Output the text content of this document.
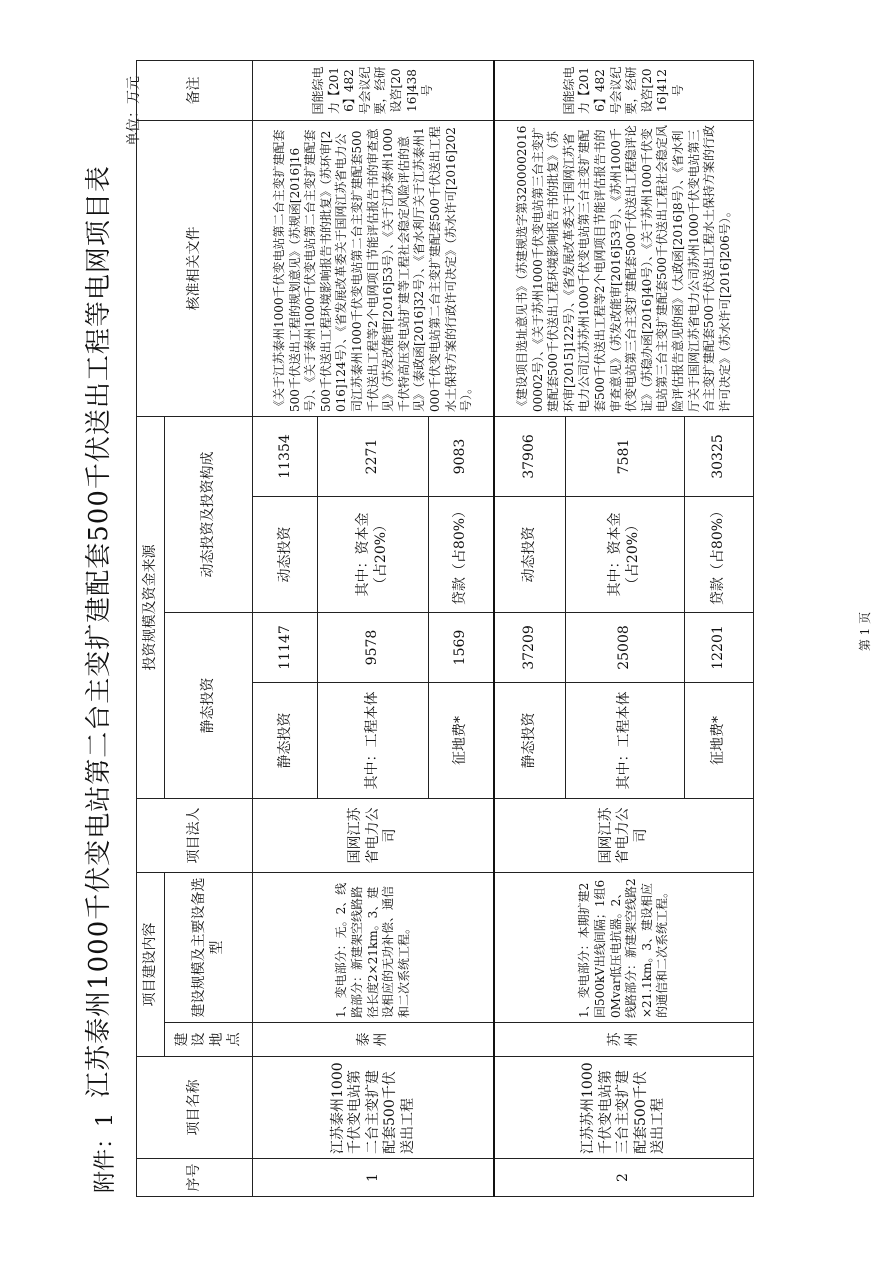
附件：1
江苏泰州1000千伏变电站第二台主变扩建配套500千伏送出工程等电网项目表
单位：万元
序号	项目名称	项目建设内容		项目法人	投资规模及资金来源				核准相关文件	备注
		建设地点	建设规模及主要设备选型		静态投资		动态投资及投资构成			
1	江苏泰州1000千伏变电站第二台主变扩建配套500千伏送出工程	泰州	1、变电部分：无。2、线路部分：新建架空线路路径长度2×21km。3、建设相应的无功补偿、通信和二次系统工程。	国网江苏省电力公司	静态投资	11147	动态投资	11354	《关于江苏泰州1000千伏变电站第二台主变扩建配套500千伏送出工程的规划意见》（苏规函[2016]16号）、《关于泰州1000千伏变电站第二台主变扩建配套500千伏送出工程环境影响报告书的批复》（苏环审[2016]124号）、《省发展改革委关于国网江苏省电力公司江苏泰州1000千伏变电站第二台主变扩建配套500千伏送出工程等2个电网项目节能评估报告书的审查意见》（苏发改能审[2016]53号）、《关于江苏泰州1000千伏特高压变电站扩建等工程社会稳定风险评估的意见》（泰政函[2016]32号）、《省水利厅关于江苏泰州1000千伏变电站第二台主变扩建配套500千伏送出工程水土保持方案的行政许可决定》（苏水许可[2016]202号）。	国能综电力【2016】482号会议纪要，经研设咨[2016]438号
					其中：工程本体	9578	其中：资本金（占20%）	2271		
					征地费*	1569	贷款（占80%）	9083		
2	江苏苏州1000千伏变电站第三台主变扩建配套500千伏送出工程	苏州	1、变电部分：本期扩建2回500kV出线间隔；1组60Mvar低压电抗器。2、线路部分：新建架空线路2×21.1km。3、建设相应的通信和二次系统工程。	国网江苏省电力公司	静态投资	37209	动态投资	37906	《建设项目选址意见书》（苏建规选字第320000201600002号）、《关于苏州1000千伏变电站第三台主变扩建配套500千伏送出工程环境影响报告书的批复》（苏环审[2015]122号）、《省发展改革委关于国网江苏省电力公司江苏苏州1000千伏变电站第三台主变扩建配套500千伏送出工程等2个电网项目节能评估报告书的审查意见》（苏发改能审[2016]53号）、《苏州1000千伏变电站第三台主变扩建配套500千伏送出工程稳评论证》（苏稳办函[2016]40号）、《关于苏州1000千伏变电站第三台主变扩建配套500千伏送出工程社会稳定风险评估报告意见的函》（太政函[2016]8号）、《省水利厅关于国网江苏省电力公司苏州1000千伏变电站第三台主变扩建配套500千伏送出工程水土保持方案的行政许可决定》（苏水许可[2016]206号）。	国能综电力【2016】482号会议纪要，经研设咨[2016]412号
					其中：工程本体	25008	其中：资本金（占20%）	7581		
					征地费*	12201	贷款（占80%）	30325		
第 1 页
